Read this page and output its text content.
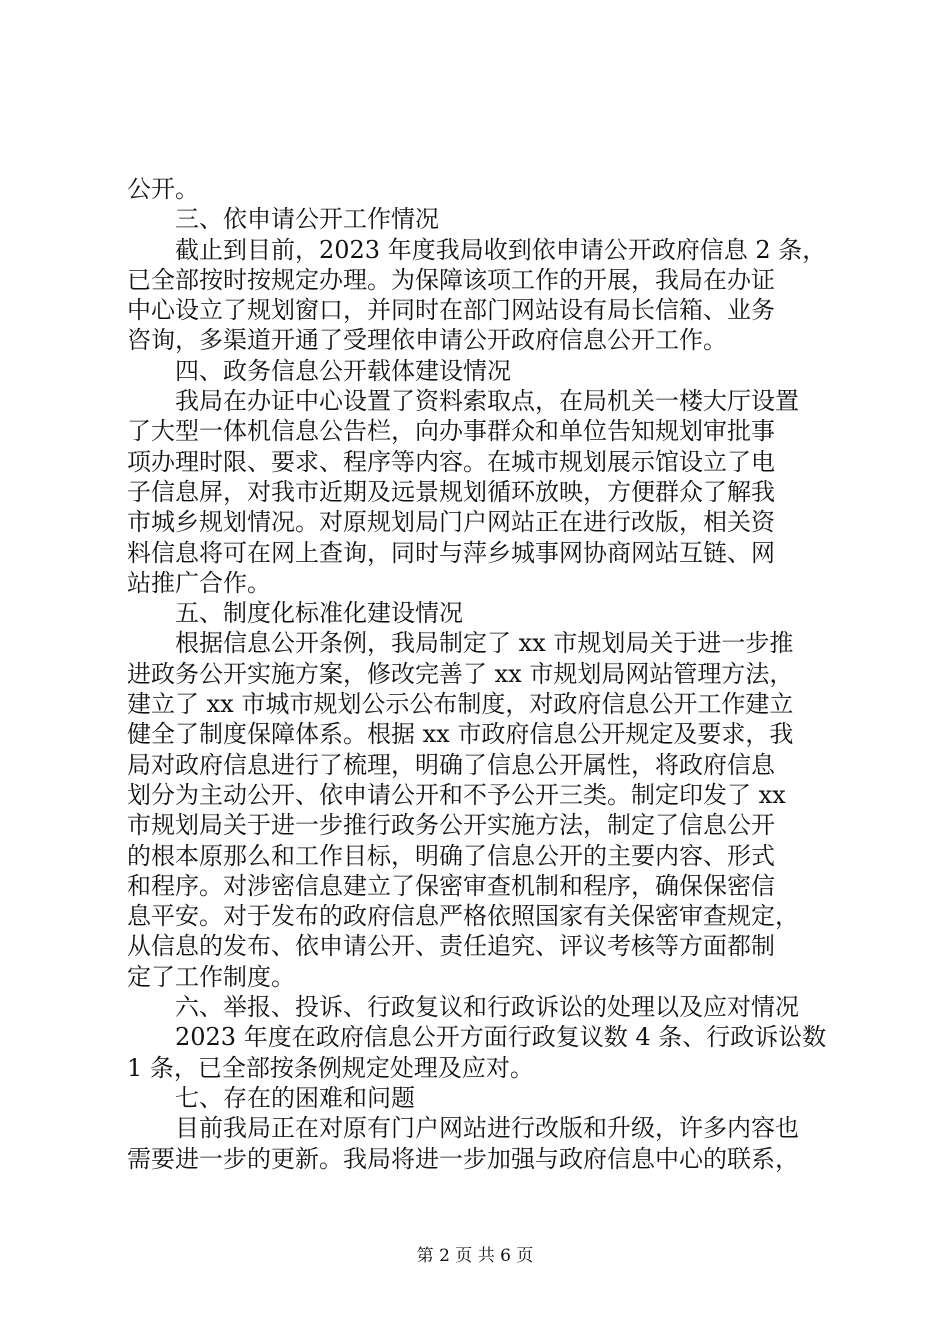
公开。
三、依申请公开工作情况
截止到目前，2023 年度我局收到依申请公开政府信息 2 条，
已全部按时按规定办理。为保障该项工作的开展，我局在办证
中心设立了规划窗口，并同时在部门网站设有局长信箱、业务
咨询，多渠道开通了受理依申请公开政府信息公开工作。
四、政务信息公开载体建设情况
我局在办证中心设置了资料索取点，在局机关一楼大厅设置
了大型一体机信息公告栏，向办事群众和单位告知规划审批事
项办理时限、要求、程序等内容。在城市规划展示馆设立了电
子信息屏，对我市近期及远景规划循环放映，方便群众了解我
市城乡规划情况。对原规划局门户网站正在进行改版，相关资
料信息将可在网上查询，同时与萍乡城事网协商网站互链、网
站推广合作。
五、制度化标准化建设情况
根据信息公开条例，我局制定了 xx 市规划局关于进一步推
进政务公开实施方案，修改完善了 xx 市规划局网站管理方法，
建立了 xx 市城市规划公示公布制度，对政府信息公开工作建立
健全了制度保障体系。根据 xx 市政府信息公开规定及要求，我
局对政府信息进行了梳理，明确了信息公开属性，将政府信息
划分为主动公开、依申请公开和不予公开三类。制定印发了 xx
市规划局关于进一步推行政务公开实施方法，制定了信息公开
的根本原那么和工作目标，明确了信息公开的主要内容、形式
和程序。对涉密信息建立了保密审查机制和程序，确保保密信
息平安。对于发布的政府信息严格依照国家有关保密审查规定，
从信息的发布、依申请公开、责任追究、评议考核等方面都制
定了工作制度。
六、举报、投诉、行政复议和行政诉讼的处理以及应对情况
2023 年度在政府信息公开方面行政复议数 4 条、行政诉讼数
1 条，已全部按条例规定处理及应对。
七、存在的困难和问题
目前我局正在对原有门户网站进行改版和升级，许多内容也
需要进一步的更新。我局将进一步加强与政府信息中心的联系，
第 2 页 共 6 页
